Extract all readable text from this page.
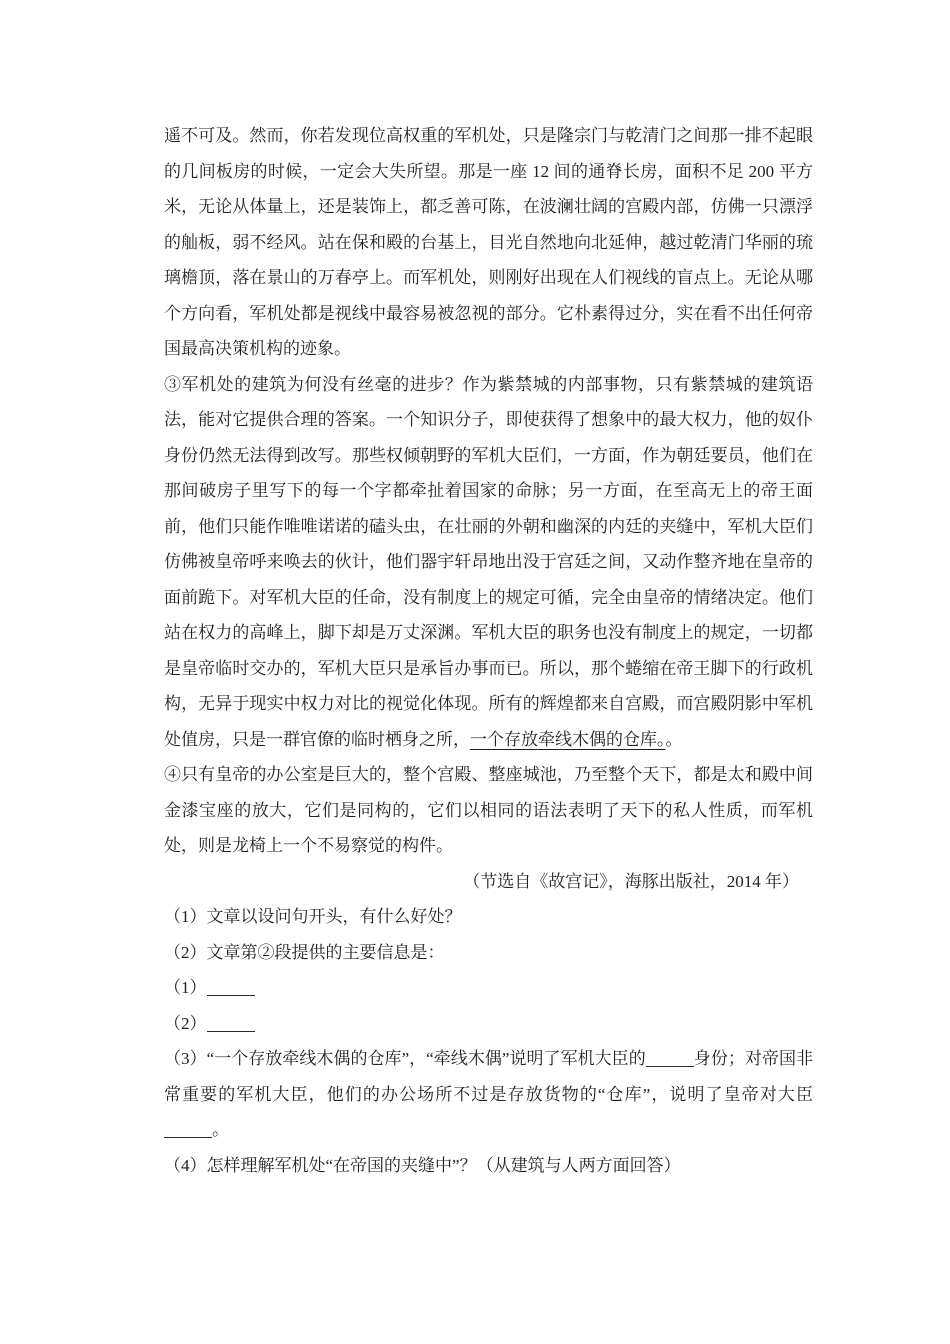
遥不可及。然而，你若发现位高权重的军机处，只是隆宗门与乾清门之间那一排不起眼的几间板房的时候，一定会大失所望。那是一座 12 间的通脊长房，面积不足 200 平方米，无论从体量上，还是装饰上，都乏善可陈，在波澜壮阔的宫殿内部，仿佛一只漂浮的舢板，弱不经风。站在保和殿的台基上，目光自然地向北延伸，越过乾清门华丽的琉璃檐顶，落在景山的万春亭上。而军机处，则刚好出现在人们视线的盲点上。无论从哪个方向看，军机处都是视线中最容易被忽视的部分。它朴素得过分，实在看不出任何帝国最高决策机构的迹象。

③军机处的建筑为何没有丝毫的进步？作为紫禁城的内部事物，只有紫禁城的建筑语法，能对它提供合理的答案。一个知识分子，即使获得了想象中的最大权力，他的奴仆身份仍然无法得到改写。那些权倾朝野的军机大臣们，一方面，作为朝廷要员，他们在那间破房子里写下的每一个字都牵扯着国家的命脉；另一方面，在至高无上的帝王面前，他们只能作唯唯诺诺的磕头虫，在壮丽的外朝和幽深的内廷的夹缝中，军机大臣们仿佛被皇帝呼来唤去的伙计，他们器宇轩昂地出没于宫廷之间，又动作整齐地在皇帝的面前跪下。对军机大臣的任命，没有制度上的规定可循，完全由皇帝的情绪决定。他们站在权力的高峰上，脚下却是万丈深渊。军机大臣的职务也没有制度上的规定，一切都是皇帝临时交办的，军机大臣只是承旨办事而已。所以，那个蜷缩在帝王脚下的行政机构，无异于现实中权力对比的视觉化体现。所有的辉煌都来自宫殿，而宫殿阴影中军机处值房，只是一群官僚的临时栖身之所，一个存放牵线木偶的仓库。。

④只有皇帝的办公室是巨大的，整个宫殿、整座城池，乃至整个天下，都是太和殿中间金漆宝座的放大，它们是同构的，它们以相同的语法表明了天下的私人性质，而军机处，则是龙椅上一个不易察觉的构件。

（节选自《故宫记》，海豚出版社，2014 年）

（1）文章以设问句开头，有什么好处？

（2）文章第②段提供的主要信息是：

（1）

（2）

（3）“一个存放牵线木偶的仓库”，“牵线木偶”说明了军机大臣的	身份；对帝国非常重要的军机大臣，他们的办公场所不过是存放货物的“仓库”，说明了皇帝对大臣。

（4）怎样理解军机处“在帝国的夹缝中”？（从建筑与人两方面回答）
